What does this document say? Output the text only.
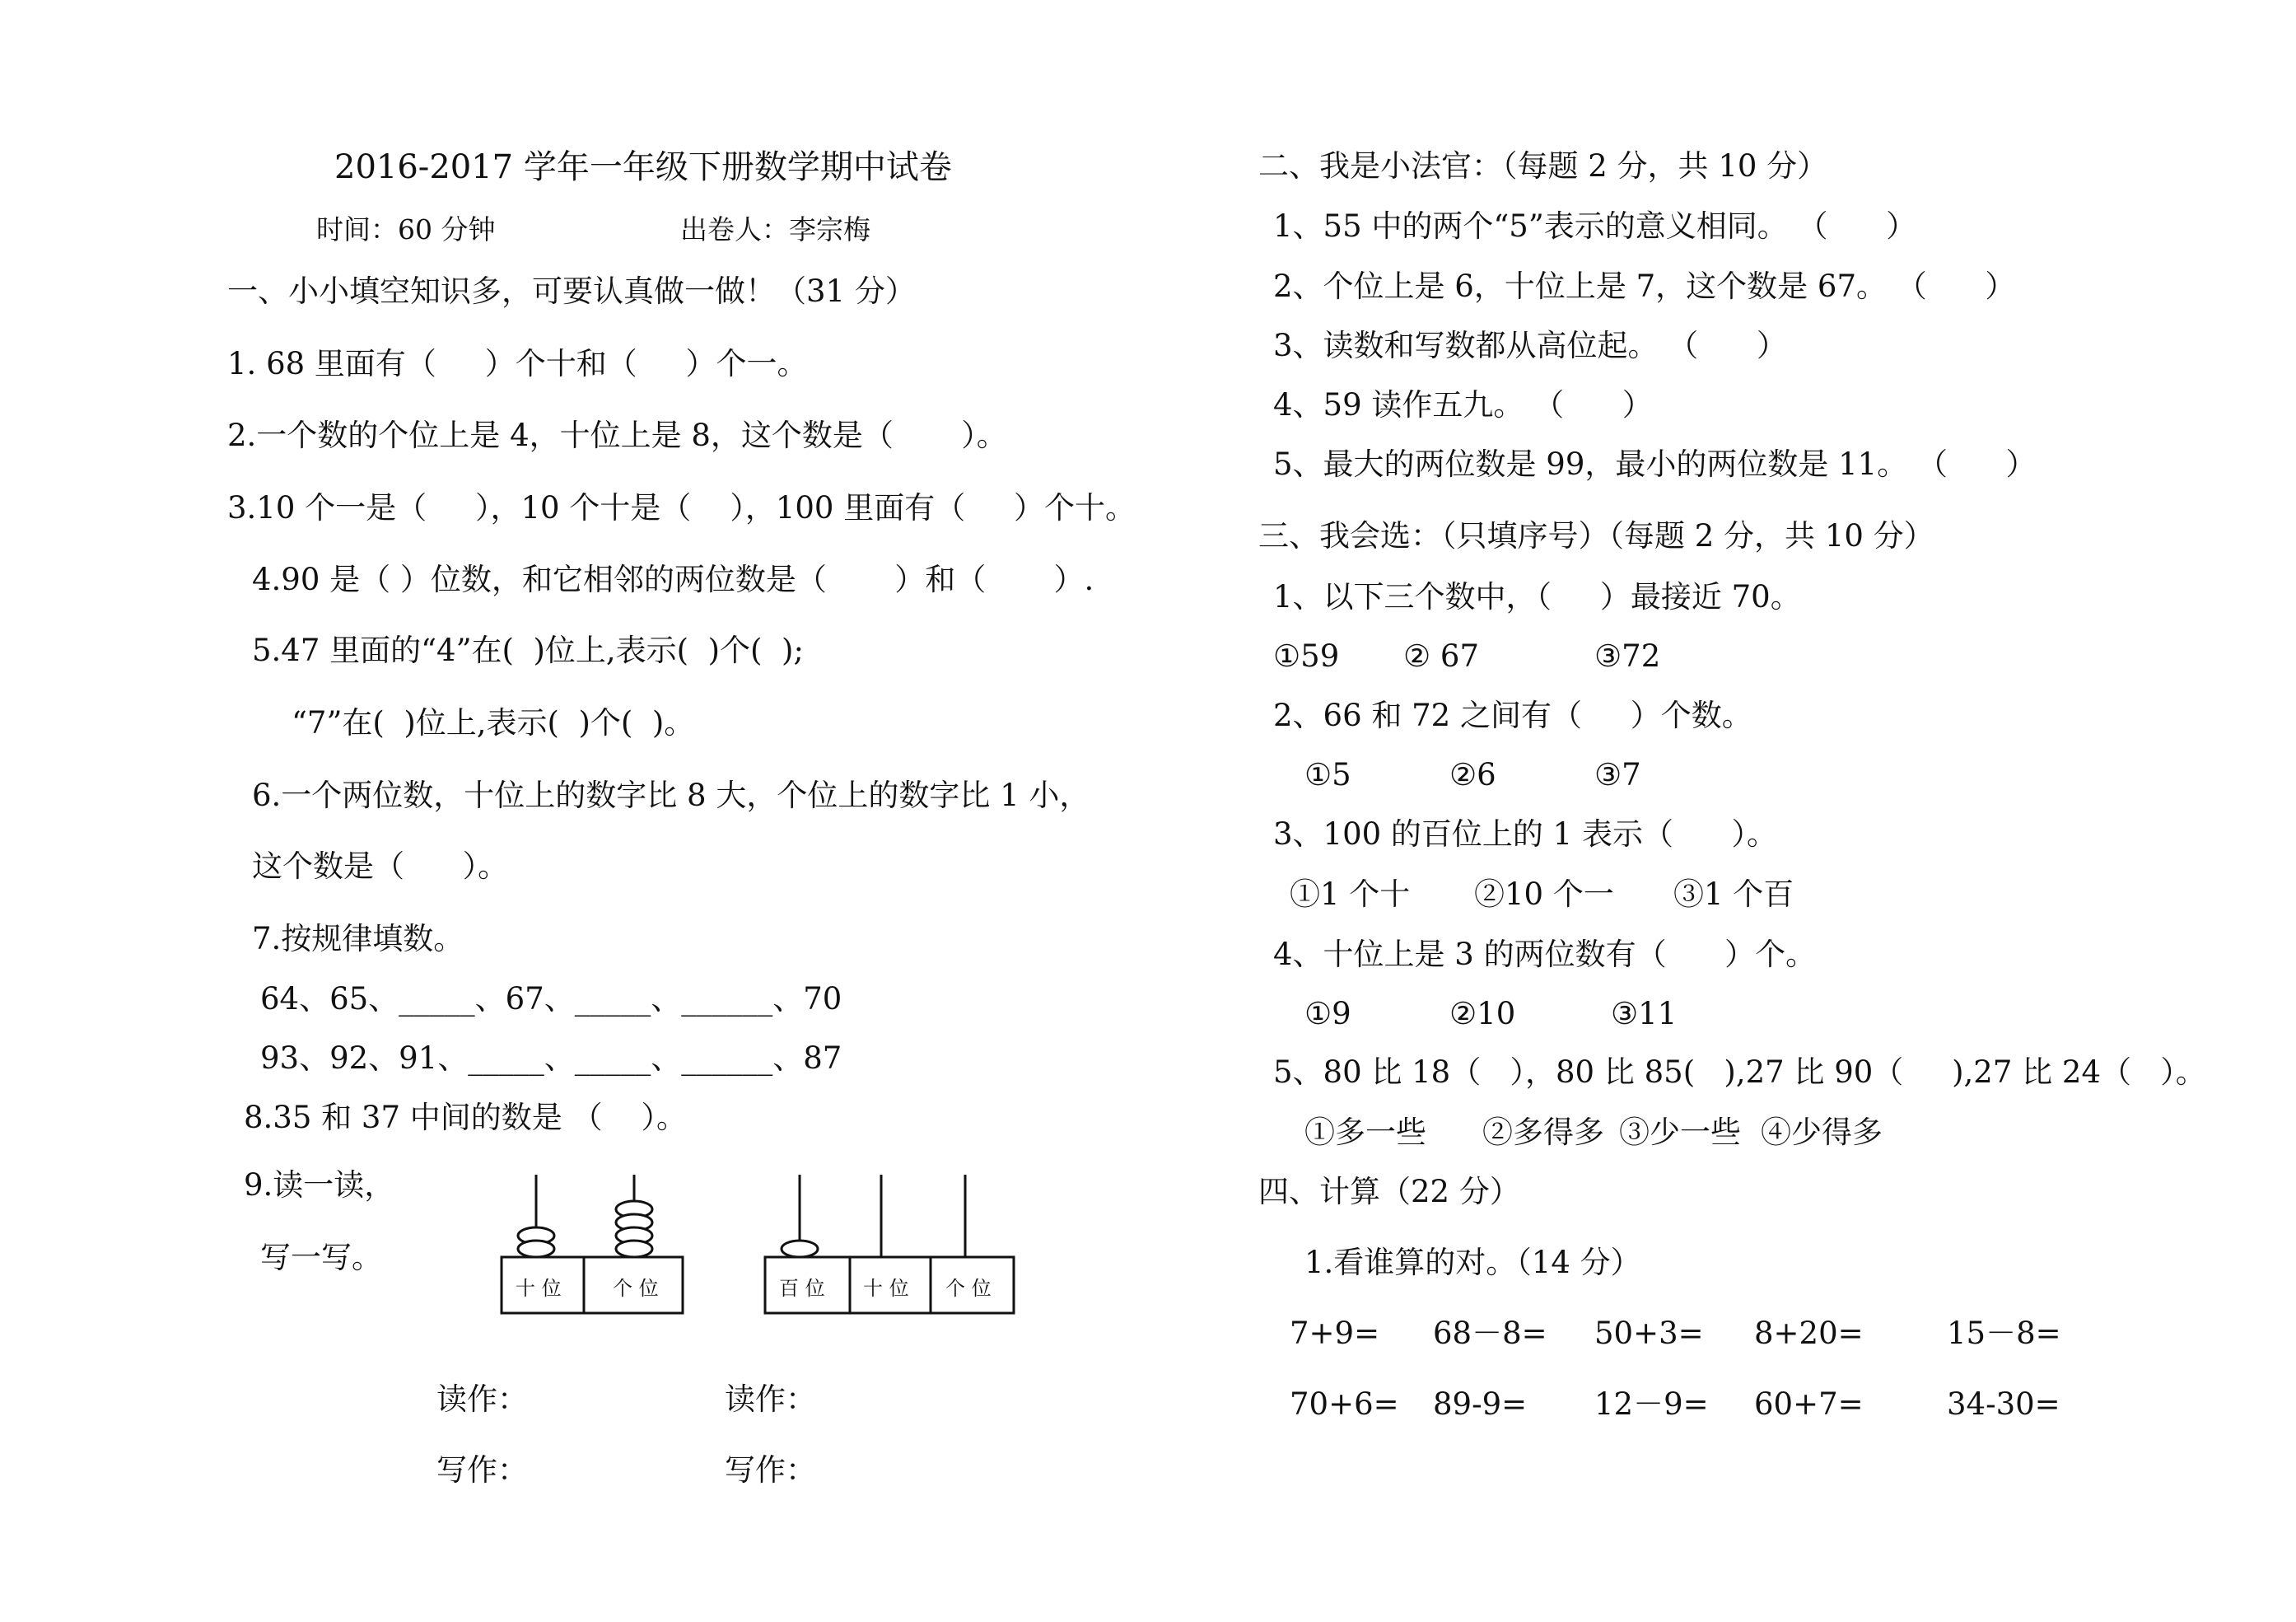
2016-2017 学年一年级下册数学期中试卷
时间：60 分钟	出卷人：李宗梅
一、小小填空知识多，可要认真做一做！（31 分）
1. 68 里面有（     ）个十和（     ）个一。
2.一个数的个位上是 4，十位上是 8，这个数是（       ）。
3.10 个一是（     ），10 个十是（    ），100 里面有（     ）个十。
4.90 是（ ）位数，和它相邻的两位数是（       ）和（       ）.
5.47 里面的“4”在(  )位上,表示(  )个(  );
“7”在(  )位上,表示(  )个(  )。
6.一个两位数，十位上的数字比 8 大，个位上的数字比 1 小，
这个数是（      ）。
7.按规律填数。
64、65、_____、67、_____、______、70
93、92、91、_____、_____、______、87
8.35 和 37 中间的数是 （    ）。
9.读一读，
写一写。
十 位	个 位	百 位 十 位 个 位
读作：	读作：
写作：	写作：
二、我是小法官：（每题 2 分，共 10 分）
1、55 中的两个“5”表示的意义相同。 （      ）
2、个位上是 6，十位上是 7，这个数是 67。 （      ）
3、读数和写数都从高位起。 （      ）
4、59 读作五九。 （      ）
5、最大的两位数是 99，最小的两位数是 11。 （      ）
三、我会选：（只填序号）（每题 2 分，共 10 分）
1、以下三个数中，（     ）最接近 70。
①59 ② 67	③72
2、66 和 72 之间有（     ）个数。
①5	②6	③7
3、100 的百位上的 1 表示（      ）。
①1 个十 ②10 个一 ③1 个百
4、十位上是 3 的两位数有（      ）个。
①9	②10	③11
5、80 比 18（   ），80 比 85(   ),27 比 90（     ),27 比 24（   ）。
①多一些 ②多得多 ③少一些 ④少得多
四、计算（22 分）
1.看谁算的对。（14 分）
7+9= 68－8= 50+3= 8+20=	15－8=
70+6= 89-9= 12－9= 60+7=	34-30=
